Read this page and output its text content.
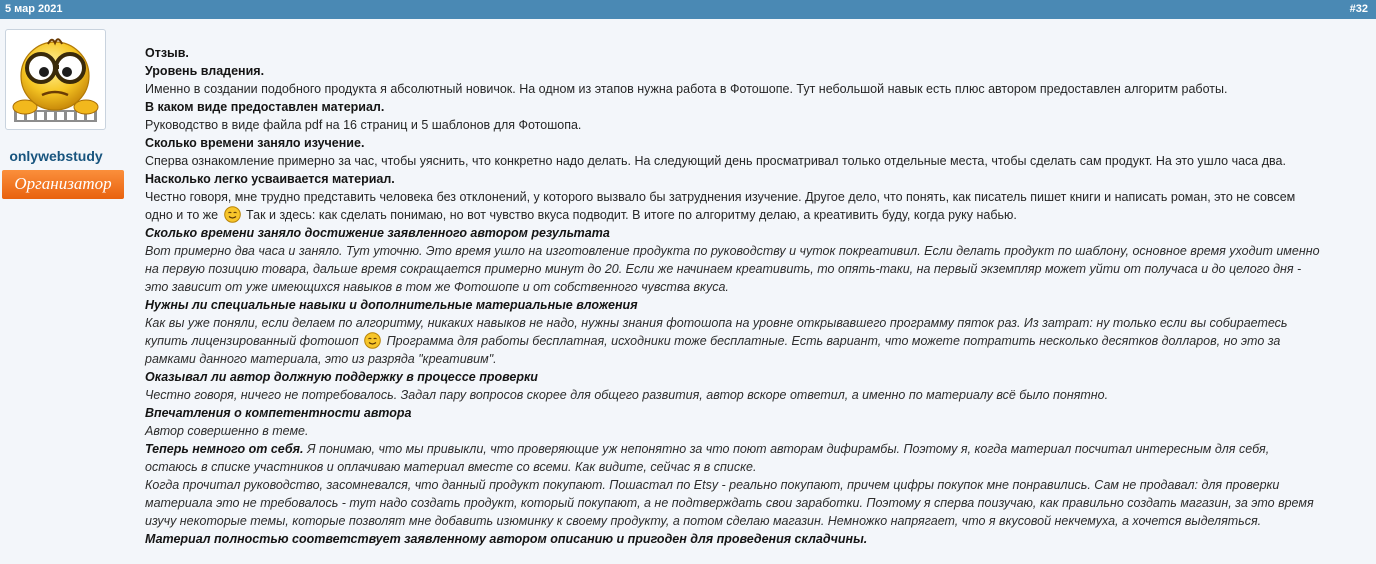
5 мар 2021	#32
onlywebstudy
Организатор
Отзыв.
Уровень владения.
Именно в создании подобного продукта я абсолютный новичок. На одном из этапов нужна работа в Фотошопе. Тут небольшой навык есть плюс автором предоставлен алгоритм работы.
В каком виде предоставлен материал.
Руководство в виде файла pdf на 16 страниц и 5 шаблонов для Фотошопа.
Сколько времени заняло изучение.
Сперва ознакомление примерно за час, чтобы уяснить, что конкретно надо делать. На следующий день просматривал только отдельные места, чтобы сделать сам продукт. На это ушло часа два.
Насколько легко усваивается материал.
Честно говоря, мне трудно представить человека без отклонений, у которого вызвало бы затруднения изучение. Другое дело, что понять, как писатель пишет книги и написать роман, это не совсем
одно и то же Так и здесь: как сделать понимаю, но вот чувство вкуса подводит. В итоге по алгоритму делаю, а креативить буду, когда руку набью.
Сколько времени заняло достижение заявленного автором результата
Вот примерно два часа и заняло. Тут уточню. Это время ушло на изготовление продукта по руководству и чуток покреативил. Если делать продукт по шаблону, основное время уходит именно
на первую позицию товара, дальше время сокращается примерно минут до 20. Если же начинаем креативить, то опять-таки, на первый экземпляр может уйти от получаса и до целого дня -
это зависит от уже имеющихся навыков в том же Фотошопе и от собственного чувства вкуса.
Нужны ли специальные навыки и дополнительные материальные вложения
Как вы уже поняли, если делаем по алгоритму, никаких навыков не надо, нужны знания фотошопа на уровне открывавшего программу пяток раз. Из затрат: ну только если вы собираетесь
купить лицензированный фотошоп Программа для работы бесплатная, исходники тоже бесплатные. Есть вариант, что можете потратить несколько десятков долларов, но это за
рамками данного материала, это из разряда "креативим".
Оказывал ли автор должную поддержку в процессе проверки
Честно говоря, ничего не потребовалось. Задал пару вопросов скорее для общего развития, автор вскоре ответил, а именно по материалу всё было понятно.
Впечатления о компетентности автора
Автор совершенно в теме.
Теперь немного от себя. Я понимаю, что мы привыкли, что проверяющие уж непонятно за что поют авторам дифирамбы. Поэтому я, когда материал посчитал интересным для себя,
остаюсь в списке участников и оплачиваю материал вместе со всеми. Как видите, сейчас я в списке.
Когда прочитал руководство, засомневался, что данный продукт покупают. Пошастал по Etsy - реально покупают, причем цифры покупок мне понравились. Сам не продавал: для проверки
материала это не требовалось - тут надо создать продукт, который покупают, а не подтверждать свои заработки. Поэтому я сперва поизучаю, как правильно создать магазин, за это время
изучу некоторые темы, которые позволят мне добавить изюминку к своему продукту, а потом сделаю магазин. Немножко напрягает, что я вкусовой некчемуха, а хочется выделяться.
Материал полностью соответствует заявленному автором описанию и пригоден для проведения складчины.
